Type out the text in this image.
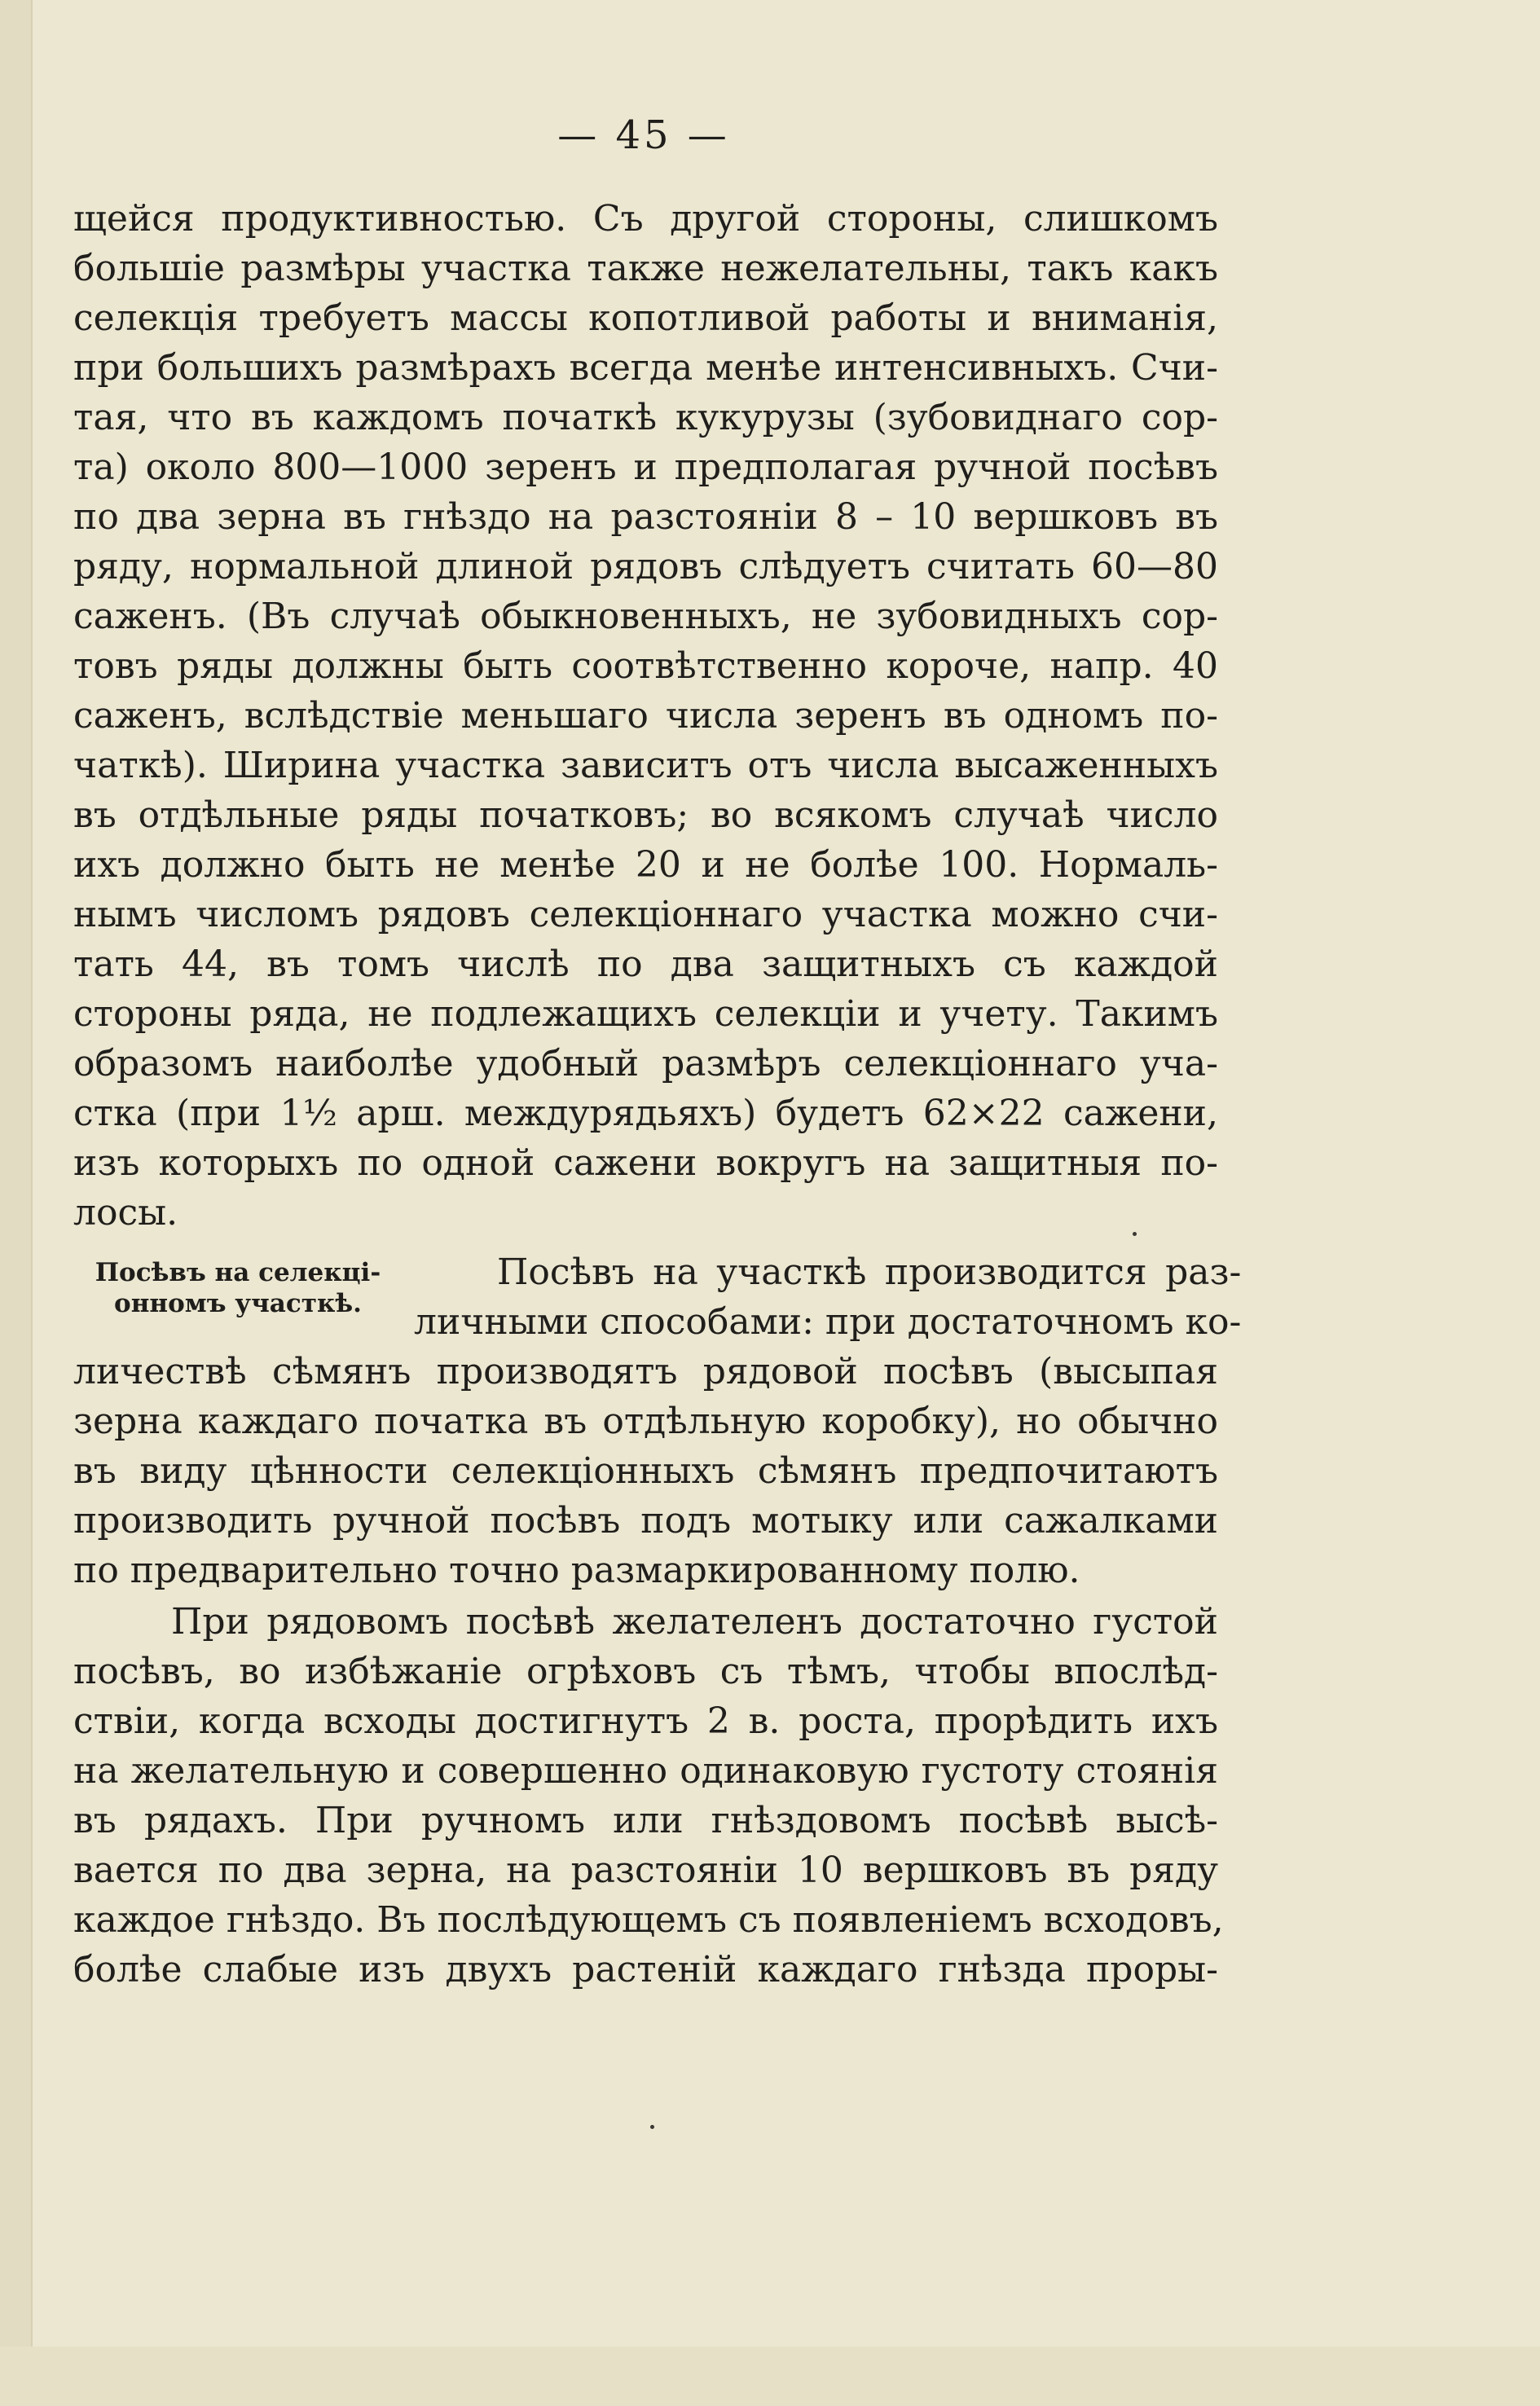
— 45 —
щейся продуктивностью. Съ другой стороны, слишкомъ
большіе размѣры участка также нежелательны, такъ какъ
селекція требуетъ массы копотливой работы и вниманія,
при большихъ размѣрахъ всегда менѣе интенсивныхъ. Счи-
тая, что въ каждомъ початкѣ кукурузы (зубовиднаго сор-
та) около 800—1000 зеренъ и предполагая ручной посѣвъ
по два зерна въ гнѣздо на разстояніи 8 – 10 вершковъ въ
ряду, нормальной длиной рядовъ слѣдуетъ считать 60—80
саженъ. (Въ случаѣ обыкновенныхъ, не зубовидныхъ сор-
товъ ряды должны быть соотвѣтственно короче, напр. 40
саженъ, вслѣдствіе меньшаго числа зеренъ въ одномъ по-
чаткѣ). Ширина участка зависитъ отъ числа высаженныхъ
въ отдѣльные ряды початковъ; во всякомъ случаѣ число
ихъ должно быть не менѣе 20 и не болѣе 100. Нормаль-
нымъ числомъ рядовъ селекціоннаго участка можно счи-
тать 44, въ томъ числѣ по два защитныхъ съ каждой
стороны ряда, не подлежащихъ селекціи и учету. Такимъ
образомъ наиболѣе удобный размѣръ селекціоннаго уча-
стка (при 1½ арш. междурядьяхъ) будетъ 62×22 сажени,
изъ которыхъ по одной сажени вокругъ на защитныя по-
лосы.
Посѣвъ на селекці-
онномъ участкѣ.
Посѣвъ на участкѣ производится раз-
личными способами: при достаточномъ ко-
личествѣ сѣмянъ производятъ рядовой посѣвъ (высыпая
зерна каждаго початка въ отдѣльную коробку), но обычно
въ виду цѣнности селекціонныхъ сѣмянъ предпочитаютъ
производить ручной посѣвъ подъ мотыку или сажалками
по предварительно точно размаркированному полю.
При рядовомъ посѣвѣ желателенъ достаточно густой
посѣвъ, во избѣжаніе огрѣховъ съ тѣмъ, чтобы впослѣд-
ствіи, когда всходы достигнутъ 2 в. роста, прорѣдить ихъ
на желательную и совершенно одинаковую густоту стоянія
въ рядахъ. При ручномъ или гнѣздовомъ посѣвѣ высѣ-
вается по два зерна, на разстояніи 10 вершковъ въ ряду
каждое гнѣздо. Въ послѣдующемъ съ появленіемъ всходовъ,
болѣе слабые изъ двухъ растеній каждаго гнѣзда проры-
